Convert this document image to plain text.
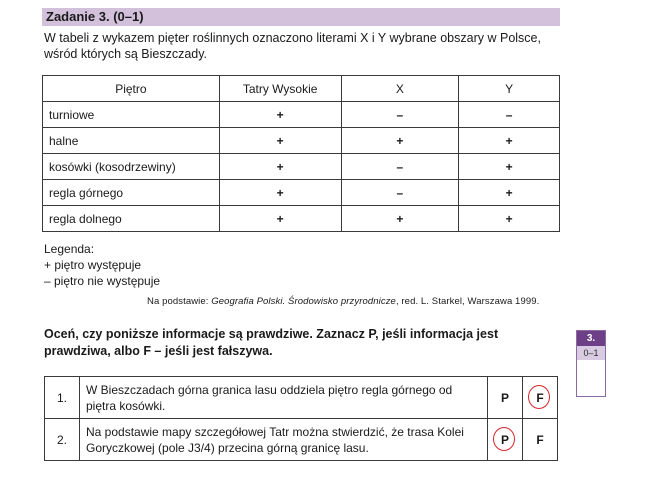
Zadanie 3. (0–1)
W tabeli z wykazem pięter roślinnych oznaczono literami X i Y wybrane obszary w Polsce, wśród których są Bieszczady.
Piętro	Tatry Wysokie	X	Y
turniowe	+	–	–
halne	+	+	+
kosówki (kosodrzewiny)	+	–	+
regla górnego	+	–	+
regla dolnego	+	+	+
Legenda:
+ piętro występuje
– piętro nie występuje
Na podstawie: Geografia Polski. Środowisko przyrodnicze, red. L. Starkel, Warszawa 1999.
Oceń, czy poniższe informacje są prawdziwe. Zaznacz P, jeśli informacja jest prawdziwa, albo F – jeśli jest fałszywa.
3.
0–1
1.	W Bieszczadach górna granica lasu oddziela piętro regla górnego od piętra kosówki.	P	F

2.	Na podstawie mapy szczegółowej Tatr można stwierdzić, że trasa Kolei Goryczkowej (pole J3/4) przecina górną granicę lasu.	P	F
